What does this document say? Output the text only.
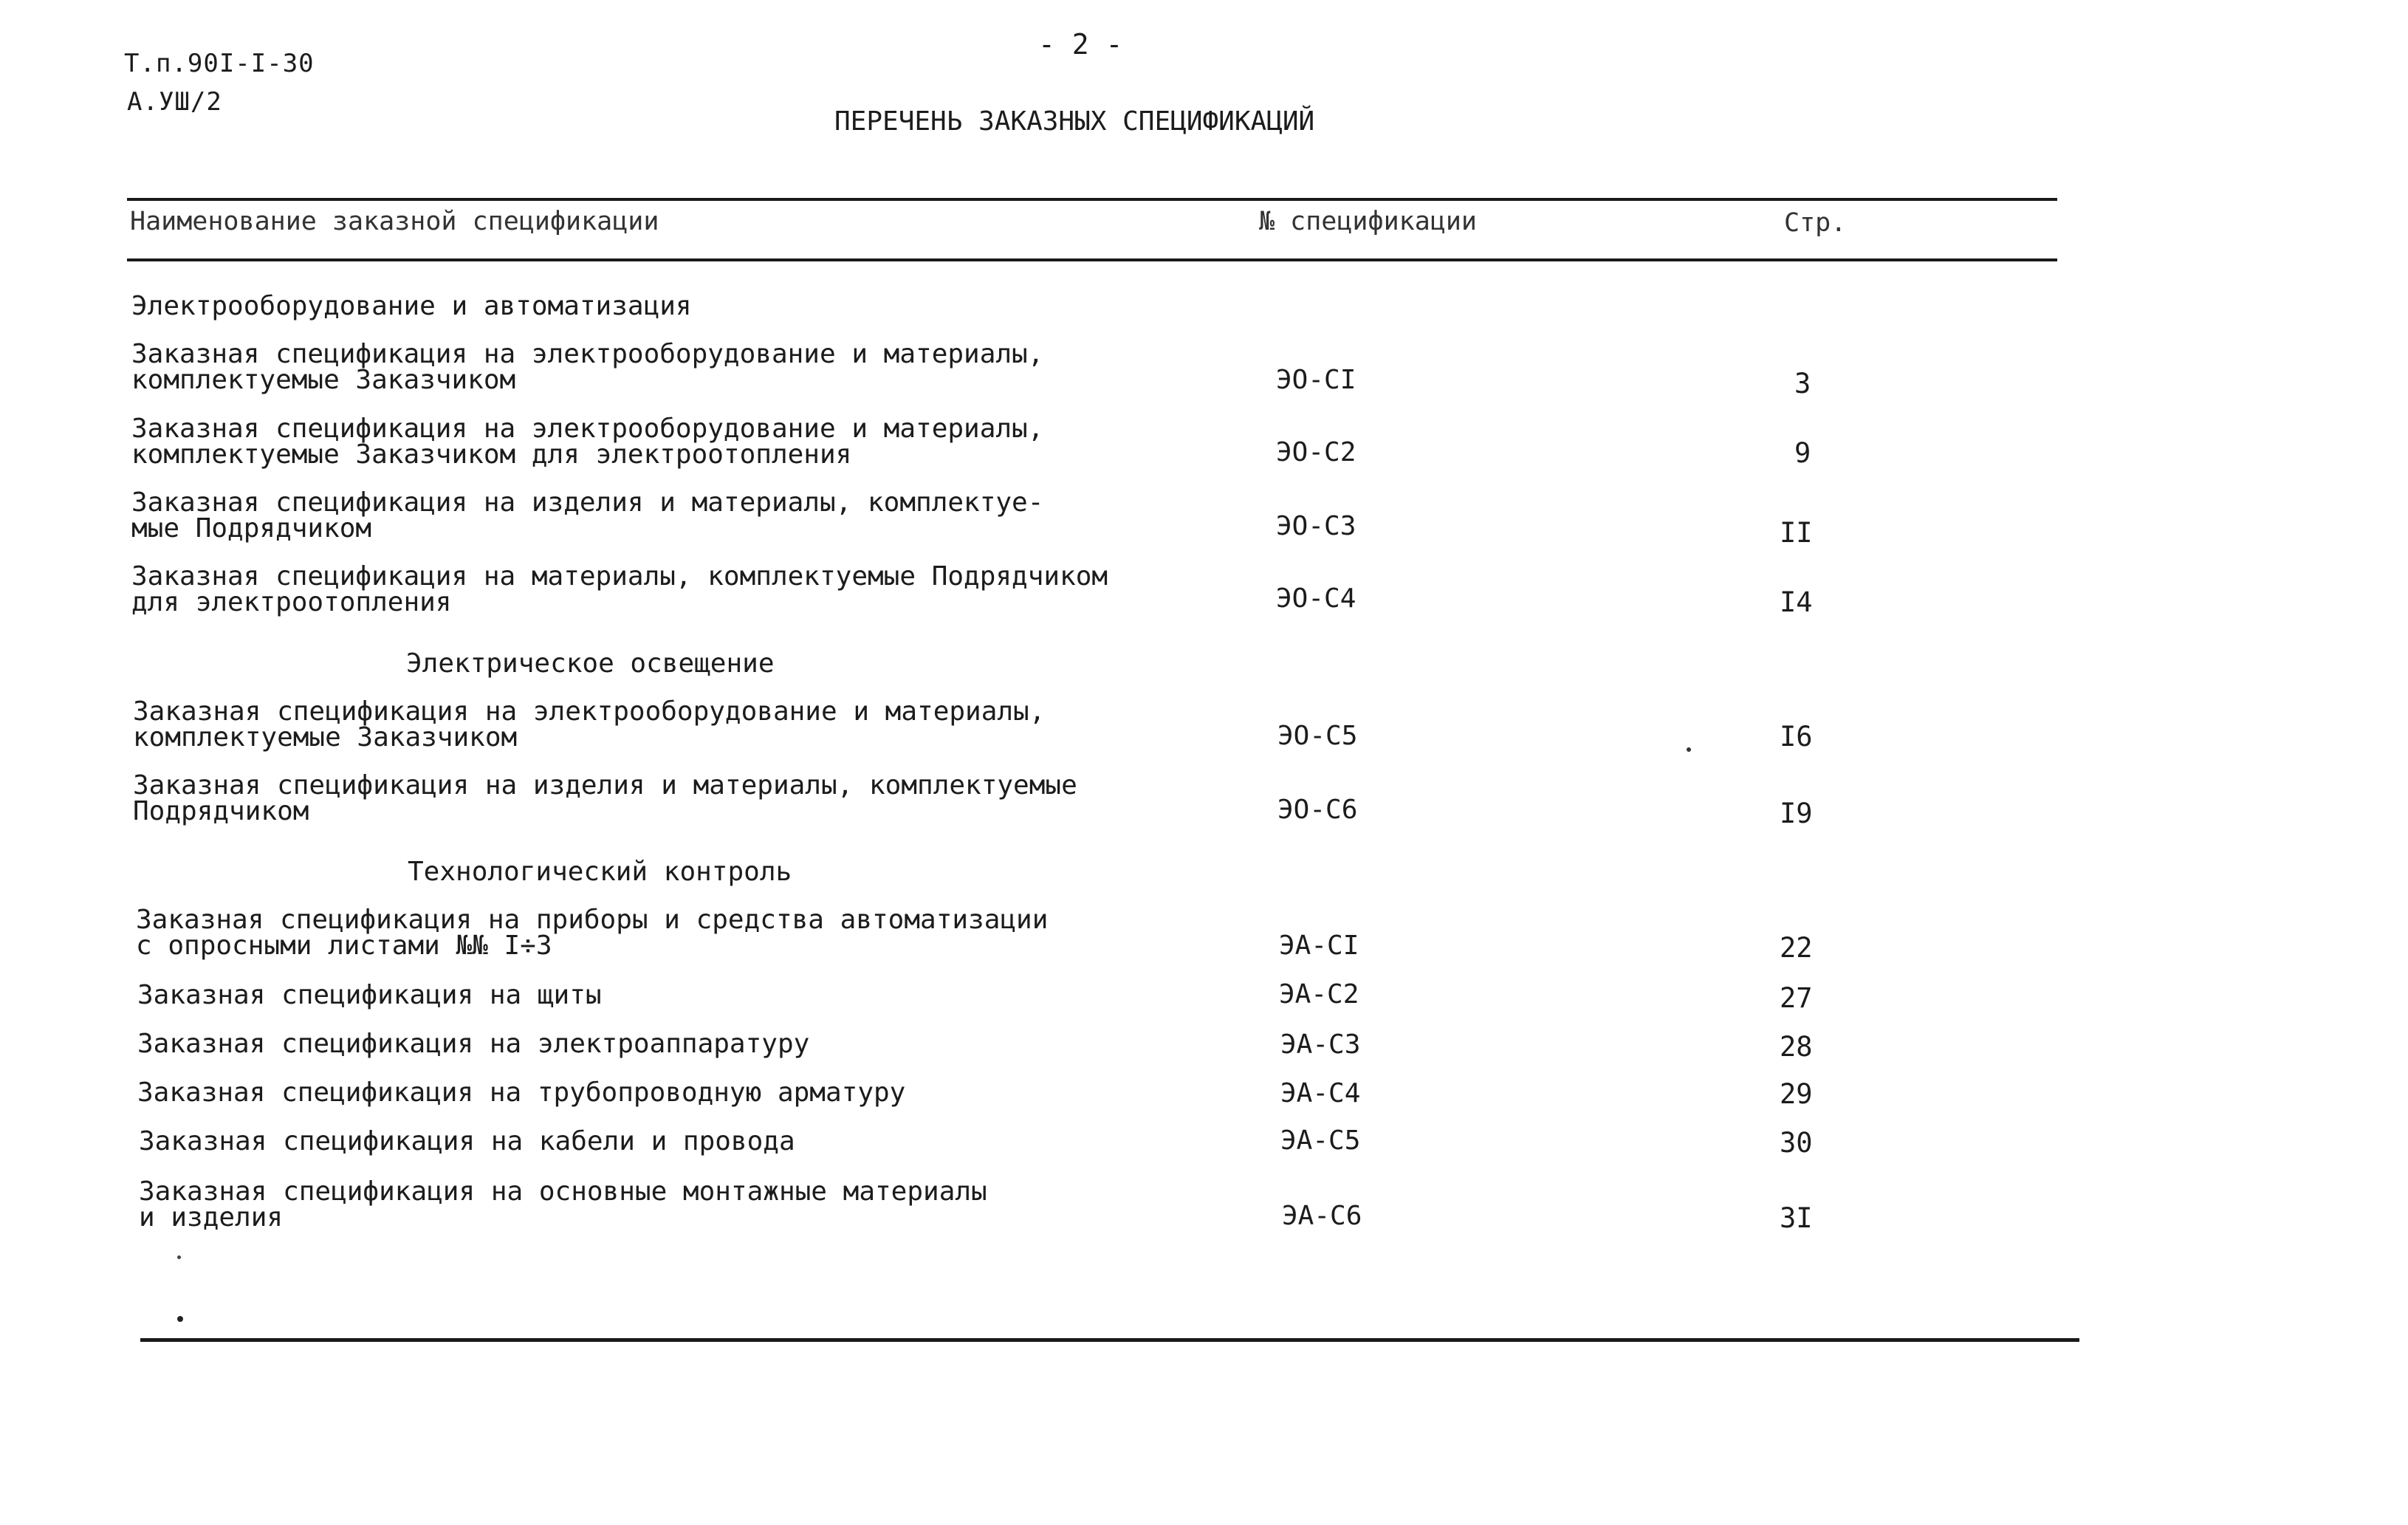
Т.п.90І-І-30
А.УШ/2
- 2 -
ПЕРЕЧЕНЬ ЗАКАЗНЫХ СПЕЦИФИКАЦИЙ
Наименование заказной спецификации	№ спецификации	Стр.
Электрооборудование и автоматизация
Заказная спецификация на электрооборудование и материалы,
комплектуемые Заказчиком	ЭО-СІ	3
Заказная спецификация на электрооборудование и материалы,
комплектуемые Заказчиком для электроотопления	ЭО-С2	9
Заказная спецификация на изделия и материалы, комплектуе-
мые Подрядчиком	ЭО-С3	II
Заказная спецификация на материалы, комплектуемые Подрядчиком
для электроотопления	ЭО-С4	І4
Электрическое освещение
Заказная спецификация на электрооборудование и материалы,
комплектуемые Заказчиком	ЭО-С5	І6
Заказная спецификация на изделия и материалы, комплектуемые
Подрядчиком	ЭО-С6	І9
Технологический контроль
Заказная спецификация на приборы и средства автоматизации
с опросными листами №№ І÷3	ЭА-СІ	22
Заказная спецификация на щиты	ЭА-С2	27
Заказная спецификация на электроаппаратуру	ЭА-С3	28
Заказная спецификация на трубопроводную арматуру	ЭА-С4	29
Заказная спецификация на кабели и провода	ЭА-С5	30
Заказная спецификация на основные монтажные материалы
и изделия	ЭА-С6	3І
